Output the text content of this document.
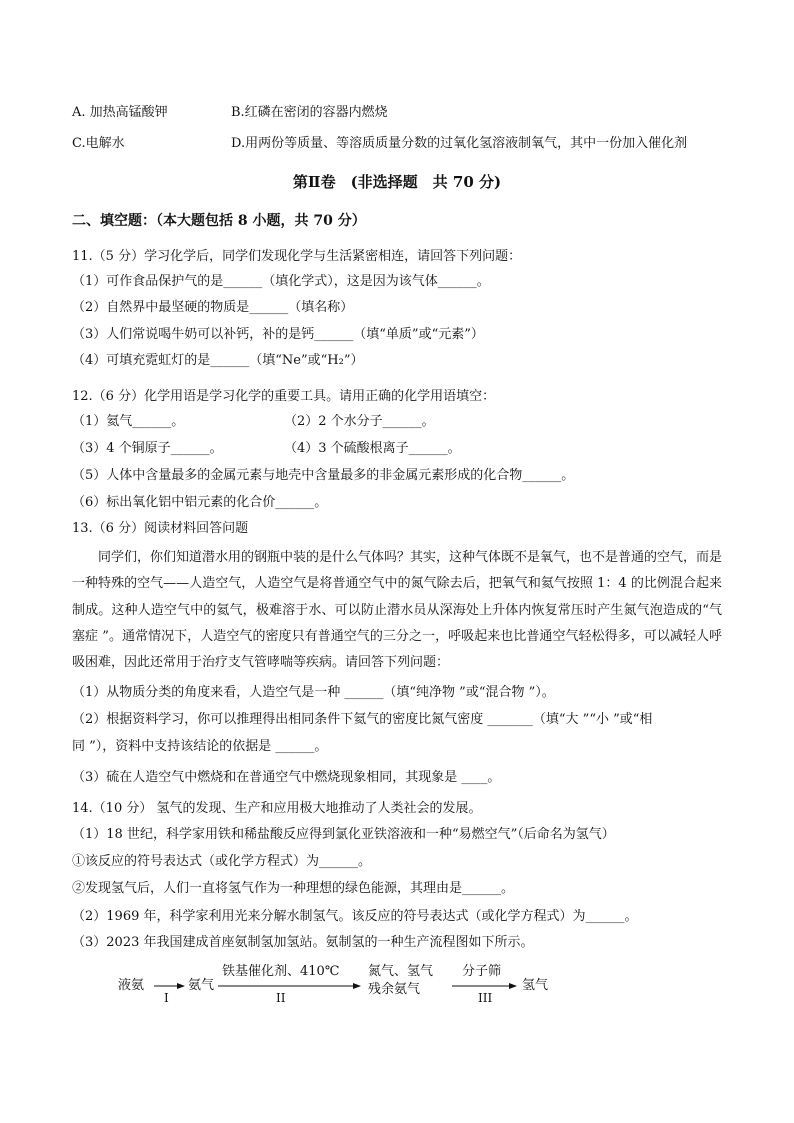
A. 加热高锰酸钾	B.红磷在密闭的容器内燃烧
C.电解水	D.用两份等质量、等溶质质量分数的过氧化氢溶液制氧气，其中一份加入催化剂
第Ⅱ卷　(非选择题　共 70 分)
二、填空题：（本大题包括 8 小题，共 70 分）
11.（5 分）学习化学后，同学们发现化学与生活紧密相连，请回答下列问题：
（1）可作食品保护气的是______（填化学式），这是因为该气体______。
（2）自然界中最坚硬的物质是______（填名称）
（3）人们常说喝牛奶可以补钙，补的是钙______（填“单质”或“元素”）
（4）可填充霓虹灯的是______（填“Ne”或“H₂”）
12.（6 分）化学用语是学习化学的重要工具。请用正确的化学用语填空：
（1）氦气______。	（2）2 个水分子______。
（3）4 个铜原子______。	（4）3 个硫酸根离子______。
（5）人体中含量最多的金属元素与地壳中含量最多的非金属元素形成的化合物______。
（6）标出氧化铝中铝元素的化合价______。
13.（6 分）阅读材料回答问题
同学们，你们知道潜水用的钢瓶中装的是什么气体吗？其实，这种气体既不是氧气，也不是普通的空气，而是一种特殊的空气——人造空气，人造空气是将普通空气中的氮气除去后，把氧气和氦气按照 1：4 的比例混合起来制成。这种人造空气中的氦气，极难溶于水、可以防止潜水员从深海处上升体内恢复常压时产生氮气泡造成的“气塞症 ”。通常情况下，人造空气的密度只有普通空气的三分之一，呼吸起来也比普通空气轻松得多，可以减轻人呼吸困难，因此还常用于治疗支气管哮喘等疾病。请回答下列问题：
（1）从物质分类的角度来看，人造空气是一种 ______（填“纯净物 ”或“混合物 ”）。
（2）根据资料学习，你可以推理得出相同条件下氦气的密度比氮气密度 _______（填“大 ”“小 ”或“相
同 ”），资料中支持该结论的依据是 ______。
（3）硫在人造空气中燃烧和在普通空气中燃烧现象相同，其现象是 ____。
14.（10 分） 氢气的发现、生产和应用极大地推动了人类社会的发展。
（1）18 世纪，科学家用铁和稀盐酸反应得到氯化亚铁溶液和一种“易燃空气”（后命名为氢气）
①该反应的符号表达式（或化学方程式）为______。
②发现氢气后，人们一直将氢气作为一种理想的绿色能源，其理由是______。
（2）1969 年，科学家利用光来分解水制氢气。该反应的符号表达式（或化学方程式）为______。
（3）2023 年我国建成首座氨制氢加氢站。氨制氢的一种生产流程图如下所示。
液氨
I
氨气
铁基催化剂、410℃
II
氮气、氢气
残余氨气
分子筛
III
氢气
